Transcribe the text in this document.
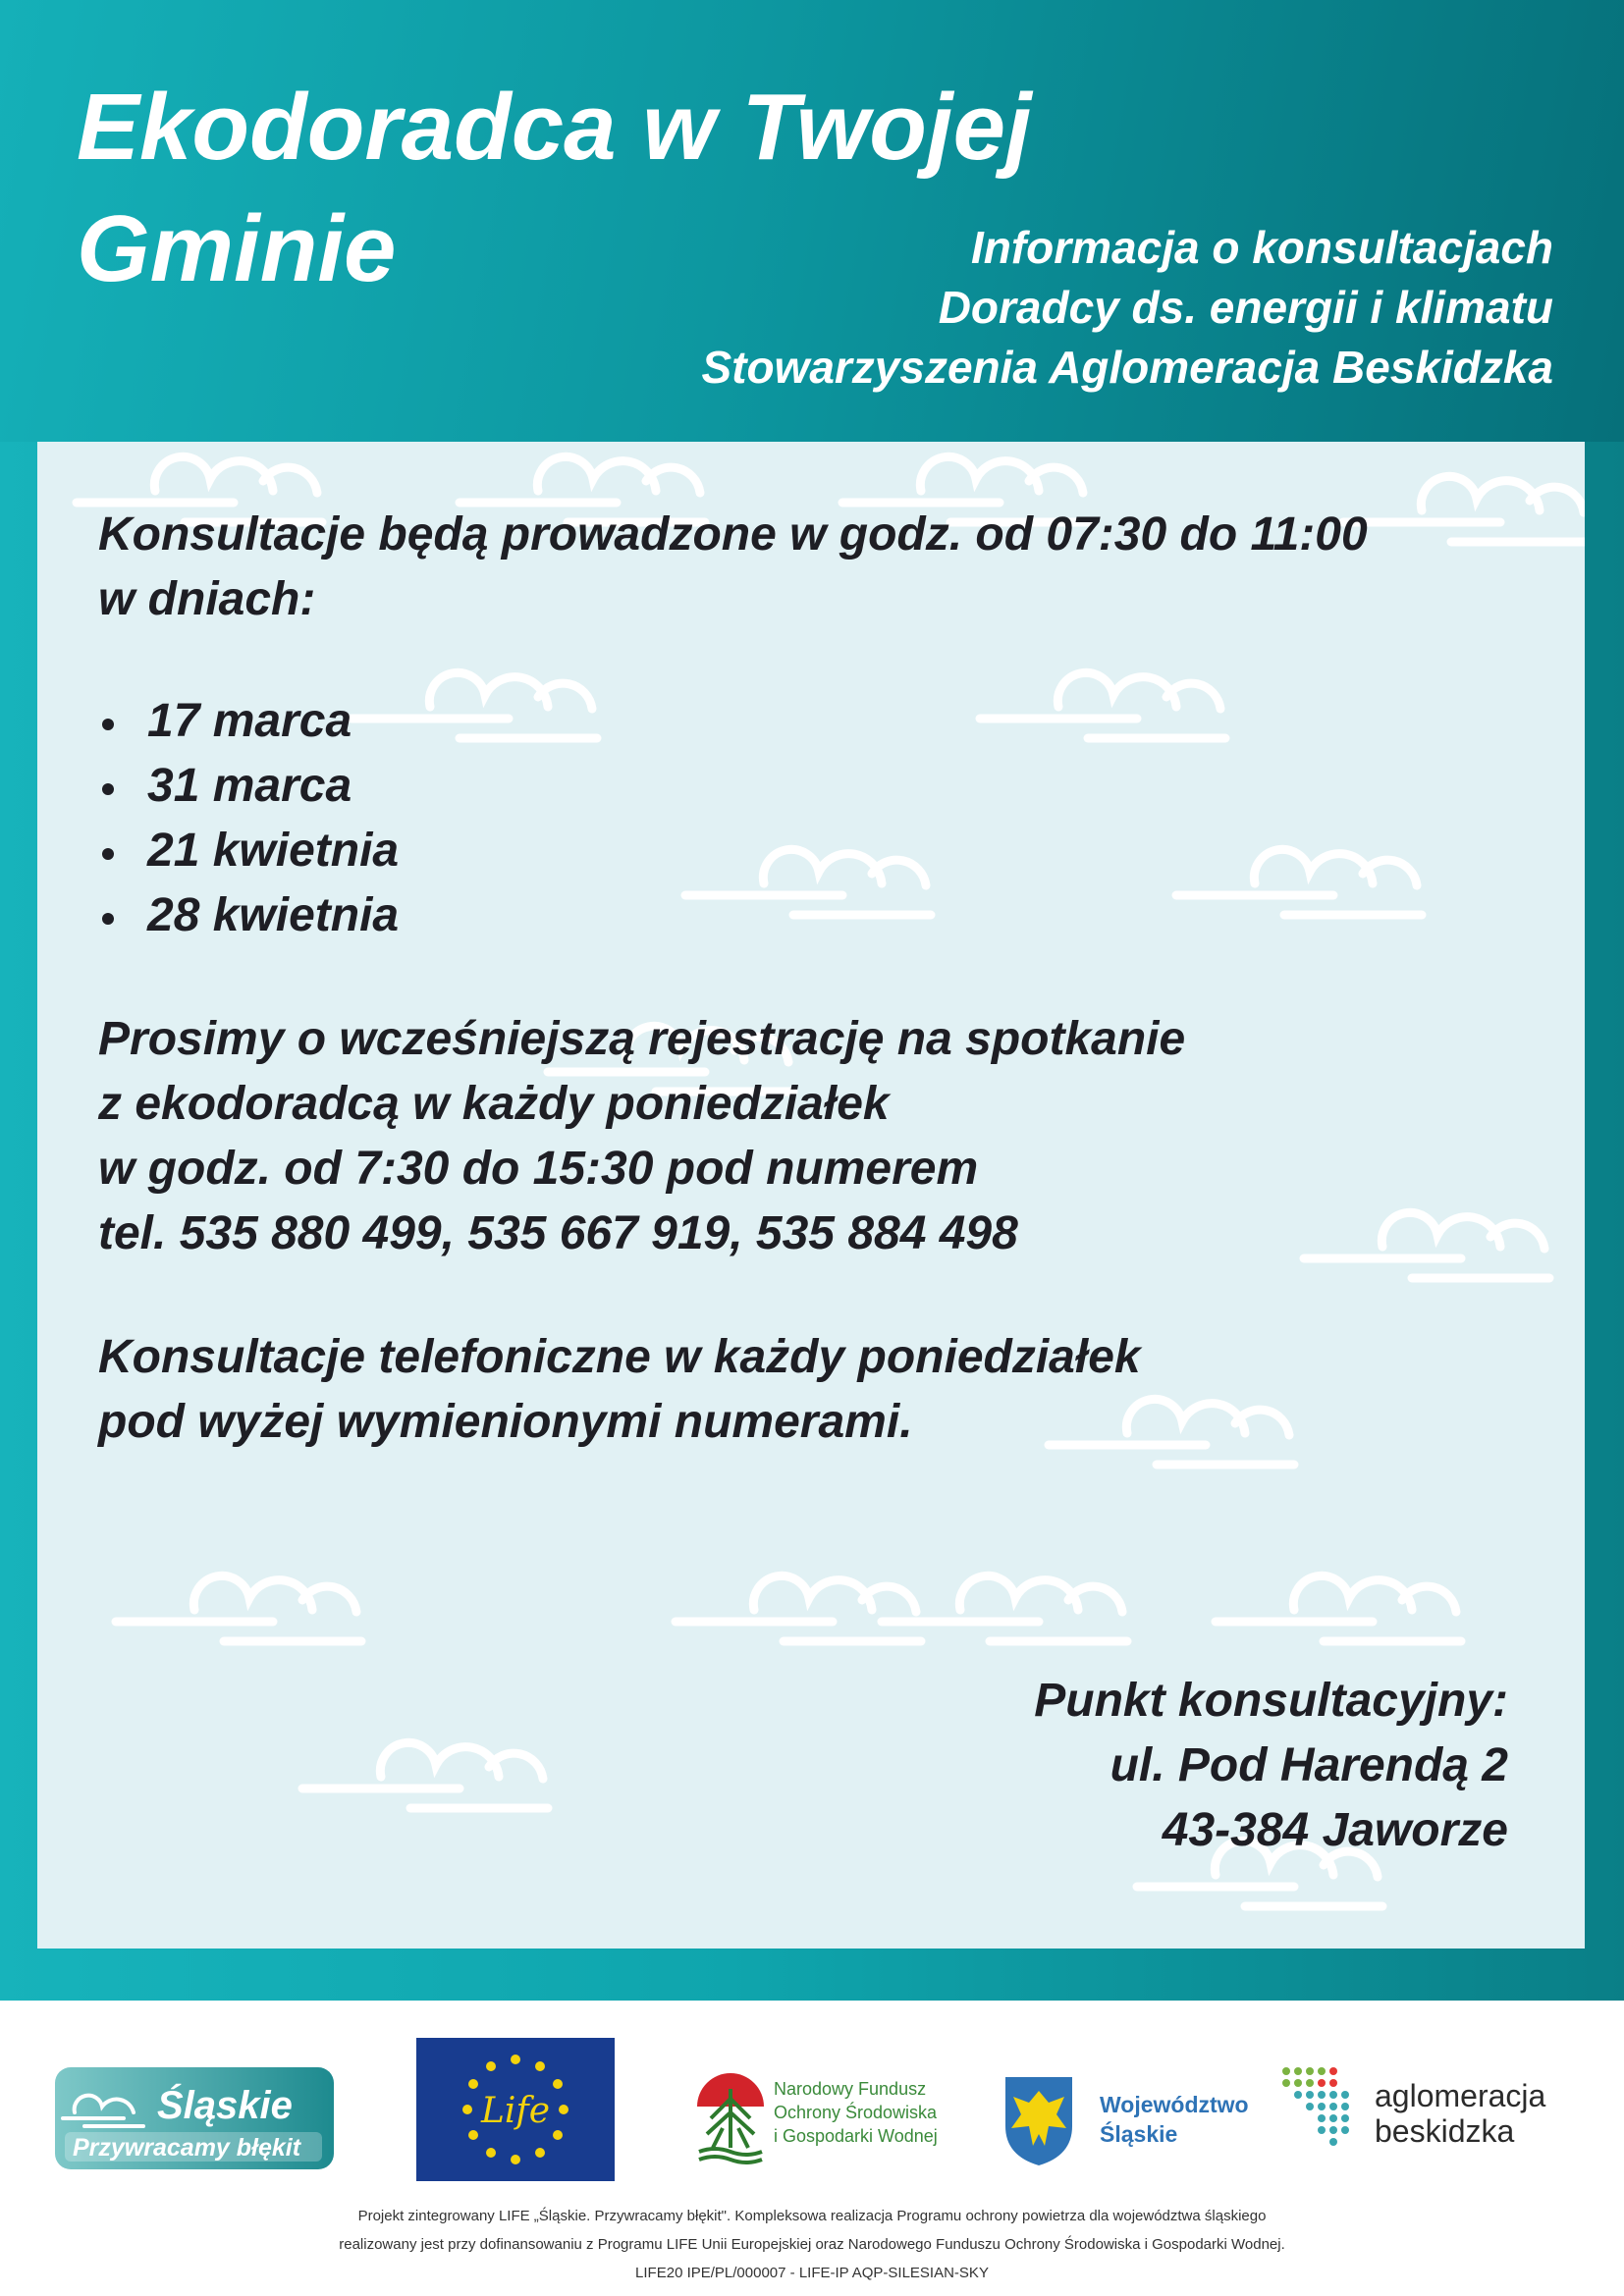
Ekodoradca w Twojej
Gminie	Informacja o konsultacjach
Doradcy ds. energii i klimatu
Stowarzyszenia Aglomeracja Beskidzka

Konsultacje będą prowadzone w godz. od 07:30 do 11:00

w dniach:

17 marca
31 marca
21 kwietnia
28 kwietnia

Prosimy o wcześniejszą rejestrację na spotkanie

z ekodoradcą w każdy poniedziałek

w godz. od 7:30 do 15:30 pod numerem

tel. 535 880 499, 535 667 919, 535 884 498

Konsultacje telefoniczne w każdy poniedziałek

pod wyżej wymienionymi numerami.

Punkt konsultacyjny:
ul. Pod Harendą 2
43-384 Jaworze
Śląskie
Przywracamy błękit
Life
Narodowy Fundusz Ochrony Środowiska i Gospodarki Wodnej
Województwo Śląskie
aglomeracja beskidzka
Projekt zintegrowany LIFE „Śląskie. Przywracamy błękit". Kompleksowa realizacja Programu ochrony powietrza dla województwa śląskiego
realizowany jest przy dofinansowaniu z Programu LIFE Unii Europejskiej oraz Narodowego Funduszu Ochrony Środowiska i Gospodarki Wodnej.
LIFE20 IPE/PL/000007 - LIFE-IP AQP-SILESIAN-SKY
